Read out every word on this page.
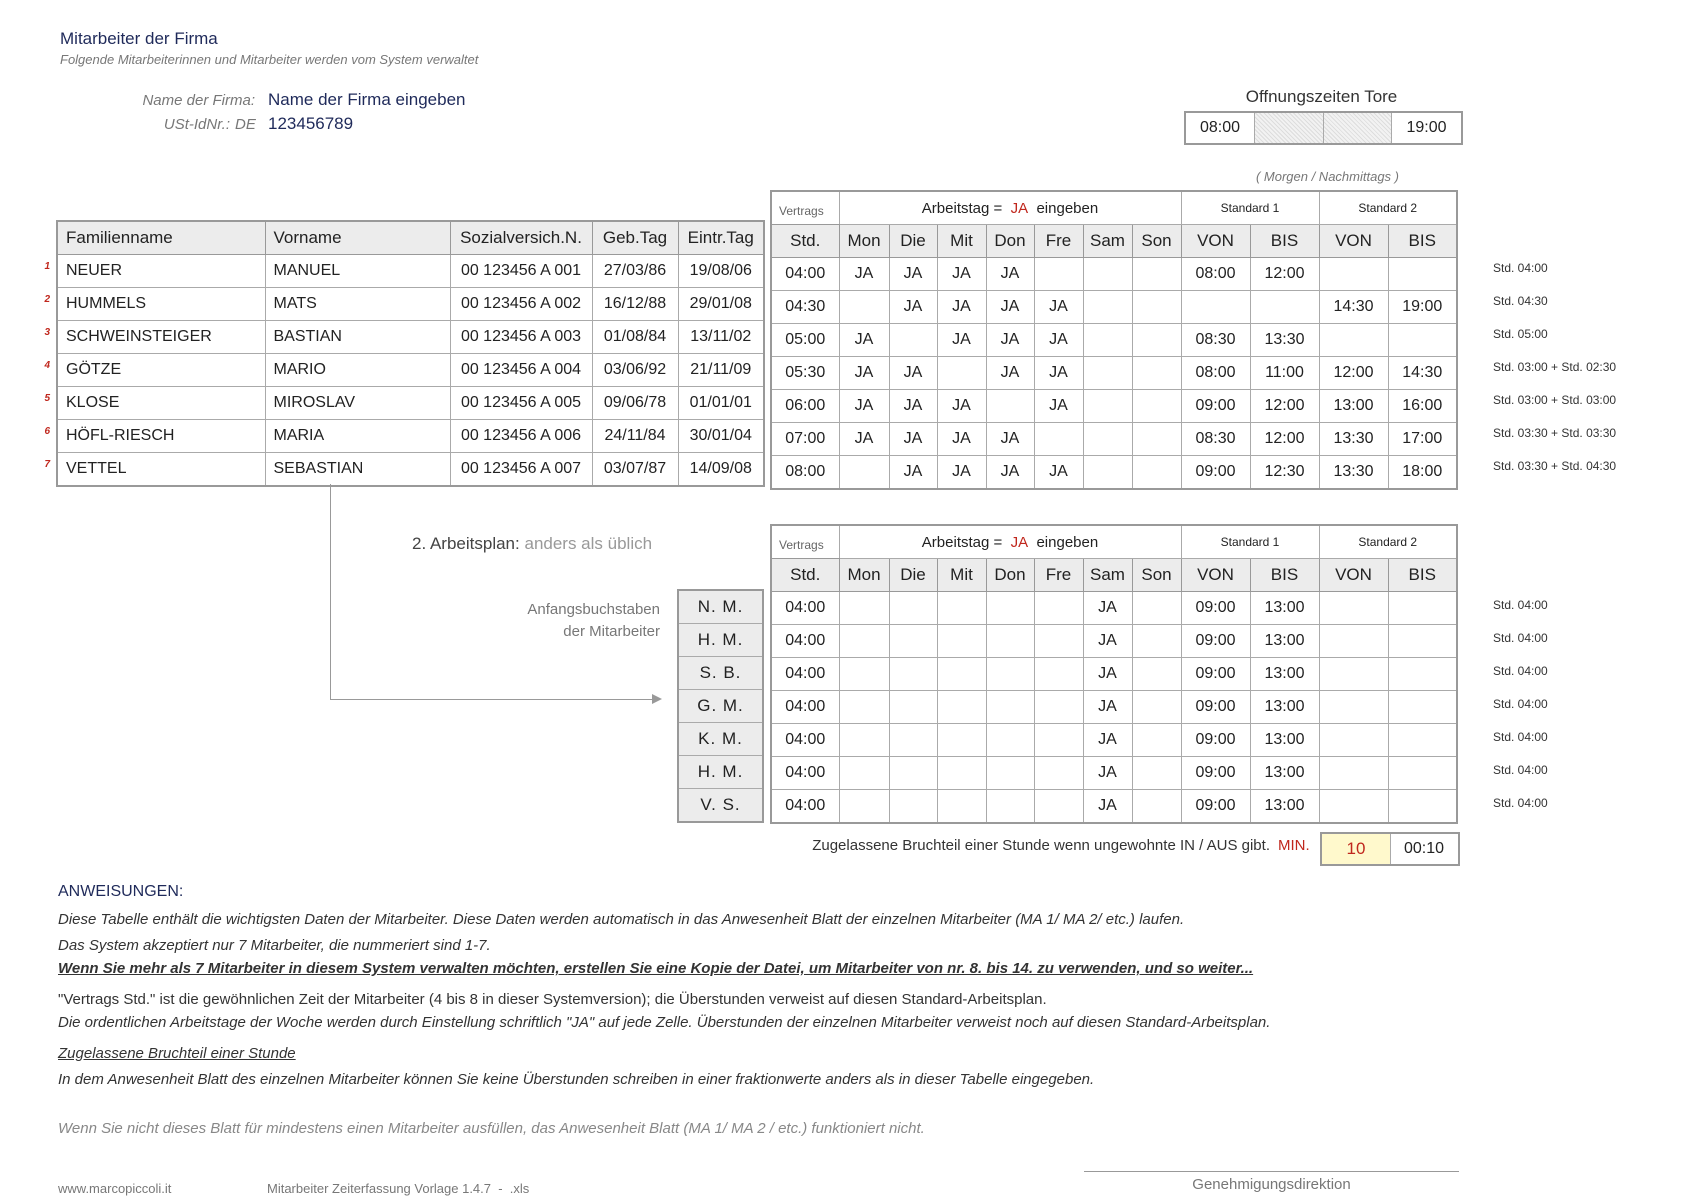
Mitarbeiter der Firma
Folgende Mitarbeiterinnen und Mitarbeiter werden vom System verwaltet
Name der Firma: Name der Firma eingeben
USt-IdNr.: DE 123456789
Offnungszeiten Tore
08:00	19:00
( Morgen / Nachmittags )
Vertrags
Familienname	Vorname	Sozialversich.N.	Geb.Tag	Eintr.Tag
NEUER	MANUEL	00 123456 A 001	27/03/86	19/08/06
HUMMELS	MATS	00 123456 A 002	16/12/88	29/01/08
SCHWEINSTEIGER	BASTIAN	00 123456 A 003	01/08/84	13/11/02
GÖTZE	MARIO	00 123456 A 004	03/06/92	21/11/09
KLOSE	MIROSLAV	00 123456 A 005	09/06/78	01/01/01
HÖFL-RIESCH	MARIA	00 123456 A 006	24/11/84	30/01/04
VETTEL	SEBASTIAN	00 123456 A 007	03/07/87	14/09/08
	Arbeitstag = JA eingeben							Standard 1		Standard 2	
Std.	Mon	Die	Mit	Don	Fre	Sam	Son	VON	BIS	VON	BIS
04:00	JA	JA	JA	JA				08:00	12:00		
04:30		JA	JA	JA	JA					14:30	19:00
05:00	JA		JA	JA	JA			08:30	13:30		
05:30	JA	JA		JA	JA			08:00	11:00	12:00	14:30
06:00	JA	JA	JA		JA			09:00	12:00	13:00	16:00
07:00	JA	JA	JA	JA				08:30	12:00	13:30	17:00
08:00		JA	JA	JA	JA			09:00	12:30	13:30	18:00
1
2
3
4
5
6
7
Std. 04:00
Std. 04:30
Std. 05:00
Std. 03:00 + Std. 02:30
Std. 03:00 + Std. 03:00
Std. 03:30 + Std. 03:30
Std. 03:30 + Std. 04:30
2. Arbeitsplan: anders als üblich	Vertrags
Anfangsbuchstaben
der Mitarbeiter
N. M.
H. M.
S. B.
G. M.
K. M.
H. M.
V. S.
	Arbeitstag = JA eingeben							Standard 1		Standard 2	
Std.	Mon	Die	Mit	Don	Fre	Sam	Son	VON	BIS	VON	BIS
04:00						JA		09:00	13:00		
04:00						JA		09:00	13:00		
04:00						JA		09:00	13:00		
04:00						JA		09:00	13:00		
04:00						JA		09:00	13:00		
04:00						JA		09:00	13:00		
04:00						JA		09:00	13:00		
Std. 04:00
Std. 04:00
Std. 04:00
Std. 04:00
Std. 04:00
Std. 04:00
Std. 04:00
Zugelassene Bruchteil einer Stunde wenn ungewohnte IN / AUS gibt. MIN.	10	00:10
ANWEISUNGEN:
Diese Tabelle enthält die wichtigsten Daten der Mitarbeiter. Diese Daten werden automatisch in das Anwesenheit Blatt der einzelnen Mitarbeiter (MA 1/ MA 2/ etc.) laufen.
Das System akzeptiert nur 7 Mitarbeiter, die nummeriert sind 1-7.
Wenn Sie mehr als 7 Mitarbeiter in diesem System verwalten möchten, erstellen Sie eine Kopie der Datei, um Mitarbeiter von nr. 8. bis 14. zu verwenden, und so weiter...
"Vertrags Std." ist die gewöhnlichen Zeit der Mitarbeiter (4 bis 8 in dieser Systemversion); die Überstunden verweist auf diesen Standard-Arbeitsplan.
Die ordentlichen Arbeitstage der Woche werden durch Einstellung schriftlich "JA" auf jede Zelle. Überstunden der einzelnen Mitarbeiter verweist noch auf diesen Standard-Arbeitsplan.
Zugelassene Bruchteil einer Stunde
In dem Anwesenheit Blatt des einzelnen Mitarbeiter können Sie keine Überstunden schreiben in einer fraktionwerte anders als in dieser Tabelle eingegeben.
Wenn Sie nicht dieses Blatt für mindestens einen Mitarbeiter ausfüllen, das Anwesenheit Blatt (MA 1/ MA 2 / etc.) funktioniert nicht.
www.marcopiccoli.it	Mitarbeiter Zeiterfassung Vorlage 1.4.7  -  .xls	Genehmigungsdirektion
